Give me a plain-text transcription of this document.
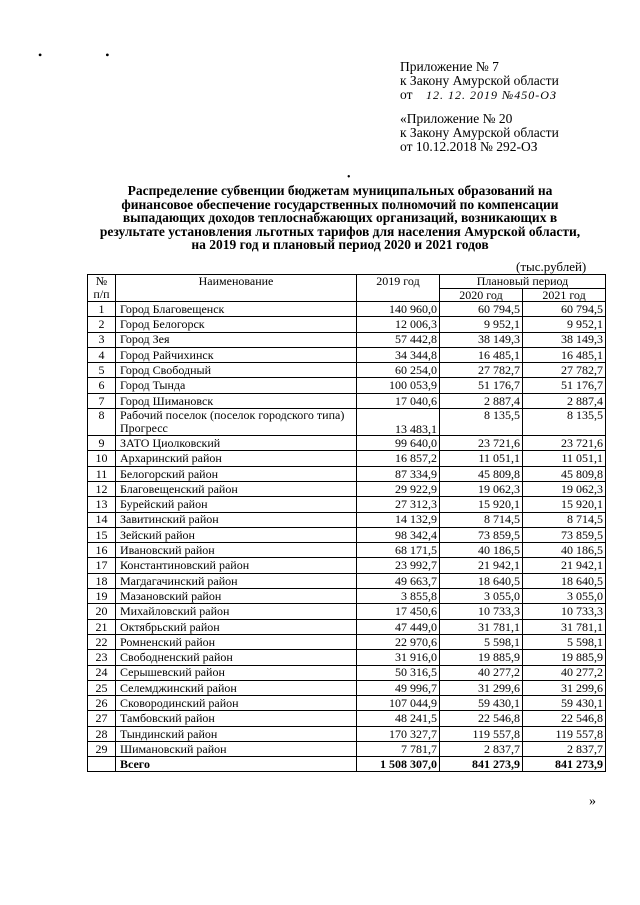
• •
Приложение № 7
к Закону Амурской области
от 12. 12. 2019 №450-ОЗ
«Приложение № 20
к Закону Амурской области
от 10.12.2018 № 292-ОЗ
•
Распределение субвенции бюджетам муниципальных образований на финансовое обеспечение государственных полномочий по компенсации выпадающих доходов теплоснабжающих организаций, возникающих в результате установления льготных тарифов для населения Амурской области, на 2019 год и плановый период 2020 и 2021 годов
(тыс.рублей)
№
п/п	Наименование	2019 год	Плановый период	
			2020 год	2021 год
1	Город Благовещенск	140 960,0	60 794,5	60 794,5
2	Город Белогорск	12 006,3	9 952,1	9 952,1
3	Город Зея	57 442,8	38 149,3	38 149,3
4	Город Райчихинск	34 344,8	16 485,1	16 485,1
5	Город Свободный	60 254,0	27 782,7	27 782,7
6	Город Тында	100 053,9	51 176,7	51 176,7
7	Город Шимановск	17 040,6	2 887,4	2 887,4
8	Рабочий поселок (поселок городского типа) Прогресс	13 483,1	8 135,5	8 135,5
9	ЗАТО Циолковский	99 640,0	23 721,6	23 721,6
10	Архаринский район	16 857,2	11 051,1	11 051,1
11	Белогорский район	87 334,9	45 809,8	45 809,8
12	Благовещенский район	29 922,9	19 062,3	19 062,3
13	Бурейский район	27 312,3	15 920,1	15 920,1
14	Завитинский район	14 132,9	8 714,5	8 714,5
15	Зейский район	98 342,4	73 859,5	73 859,5
16	Ивановский район	68 171,5	40 186,5	40 186,5
17	Константиновский район	23 992,7	21 942,1	21 942,1
18	Магдагачинский район	49 663,7	18 640,5	18 640,5
19	Мазановский район	3 855,8	3 055,0	3 055,0
20	Михайловский район	17 450,6	10 733,3	10 733,3
21	Октябрьский район	47 449,0	31 781,1	31 781,1
22	Ромненский район	22 970,6	5 598,1	5 598,1
23	Свободненский район	31 916,0	19 885,9	19 885,9
24	Серышевский район	50 316,5	40 277,2	40 277,2
25	Селемджинский район	49 996,7	31 299,6	31 299,6
26	Сковородинский район	107 044,9	59 430,1	59 430,1
27	Тамбовский район	48 241,5	22 546,8	22 546,8
28	Тындинский район	170 327,7	119 557,8	119 557,8
29	Шимановский район	7 781,7	2 837,7	2 837,7
	Всего	1 508 307,0	841 273,9	841 273,9
»
